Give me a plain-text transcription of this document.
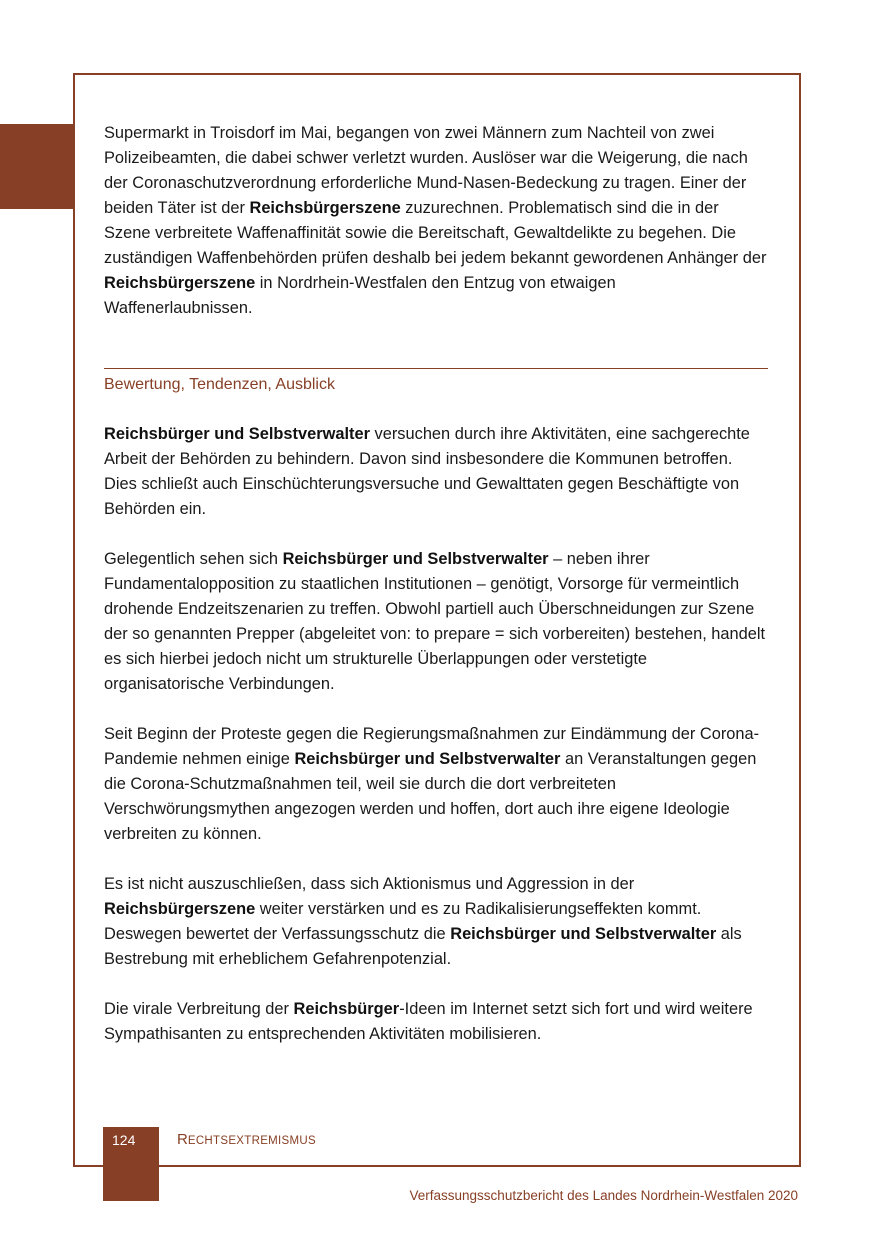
Supermarkt in Troisdorf im Mai, begangen von zwei Männern zum Nachteil von zwei Polizeibeamten, die dabei schwer verletzt wurden. Auslöser war die Weigerung, die nach der Coronaschutzverordnung erforderliche Mund-Nasen-Bedeckung zu tragen. Einer der beiden Täter ist der Reichsbürgerszene zuzurechnen. Problematisch sind die in der Szene verbreitete Waffenaffinität sowie die Bereitschaft, Gewaltdelikte zu begehen. Die zuständigen Waffenbehörden prüfen deshalb bei jedem bekannt gewordenen Anhänger der Reichsbürgerszene in Nordrhein-Westfalen den Entzug von etwaigen Waffenerlaubnissen.

Bewertung, Tendenzen, Ausblick

Reichsbürger und Selbstverwalter versuchen durch ihre Aktivitäten, eine sachgerechte Arbeit der Behörden zu behindern. Davon sind insbesondere die Kommunen betroffen. Dies schließt auch Einschüchterungsversuche und Gewalttaten gegen Beschäftigte von Behörden ein.

Gelegentlich sehen sich Reichsbürger und Selbstverwalter – neben ihrer Fundamentalopposition zu staatlichen Institutionen – genötigt, Vorsorge für vermeintlich drohende Endzeitszenarien zu treffen. Obwohl partiell auch Überschneidungen zur Szene der so genannten Prepper (abgeleitet von: to prepare = sich vorbereiten) bestehen, handelt es sich hierbei jedoch nicht um strukturelle Überlappungen oder verstetigte organisatorische Verbindungen.

Seit Beginn der Proteste gegen die Regierungsmaßnahmen zur Eindämmung der Corona-Pandemie nehmen einige Reichsbürger und Selbstverwalter an Veranstaltungen gegen die Corona-Schutzmaßnahmen teil, weil sie durch die dort verbreiteten Verschwörungsmythen angezogen werden und hoffen, dort auch ihre eigene Ideologie verbreiten zu können.

Es ist nicht auszuschließen, dass sich Aktionismus und Aggression in der Reichsbürgerszene weiter verstärken und es zu Radikalisierungseffekten kommt. Deswegen bewertet der Verfassungsschutz die Reichsbürger und Selbstverwalter als Bestrebung mit erheblichem Gefahrenpotenzial.

Die virale Verbreitung der Reichsbürger-Ideen im Internet setzt sich fort und wird weitere Sympathisanten zu entsprechenden Aktivitäten mobilisieren.

124	RECHTSEXTREMISMUS
Verfassungsschutzbericht des Landes Nordrhein-Westfalen 2020
